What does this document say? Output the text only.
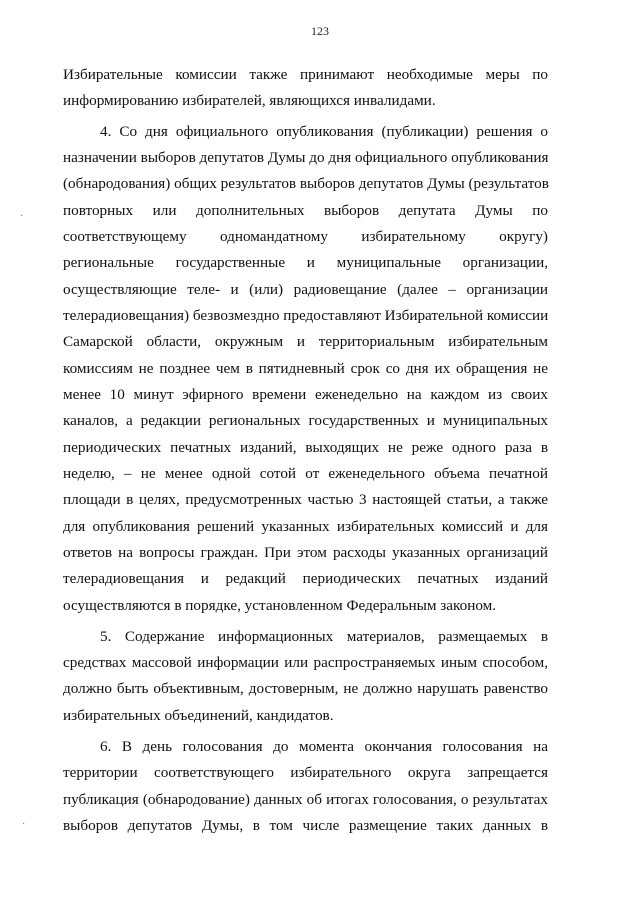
123
Избирательные комиссии также принимают необходимые меры по
информированию избирателей, являющихся инвалидами.
4. Со дня официального опубликования (публикации) решения о
назначении выборов депутатов Думы до дня официального опубликования
(обнародования) общих результатов выборов депутатов Думы (результатов
повторных или дополнительных выборов депутата Думы по
соответствующему одномандатному избирательному округу)
региональные государственные и муниципальные организации,
осуществляющие теле- и (или) радиовещание (далее – организации
телерадиовещания) безвозмездно предоставляют Избирательной комиссии
Самарской области, окружным и территориальным избирательным
комиссиям не позднее чем в пятидневный срок со дня их обращения не
менее 10 минут эфирного времени еженедельно на каждом из своих
каналов, а редакции региональных государственных и муниципальных
периодических печатных изданий, выходящих не реже одного раза в
неделю, – не менее одной сотой от еженедельного объема печатной
площади в целях, предусмотренных частью 3 настоящей статьи, а также
для опубликования решений указанных избирательных комиссий и для
ответов на вопросы граждан. При этом расходы указанных организаций
телерадиовещания и редакций периодических печатных изданий
осуществляются в порядке, установленном Федеральным законом.
5. Содержание информационных материалов, размещаемых в
средствах массовой информации или распространяемых иным способом,
должно быть объективным, достоверным, не должно нарушать равенство
избирательных объединений, кандидатов.
6. В день голосования до момента окончания голосования на
территории соответствующего избирательного округа запрещается
публикация (обнародование) данных об итогах голосования, о результатах
выборов депутатов Думы, в том числе размещение таких данных в
·
·
